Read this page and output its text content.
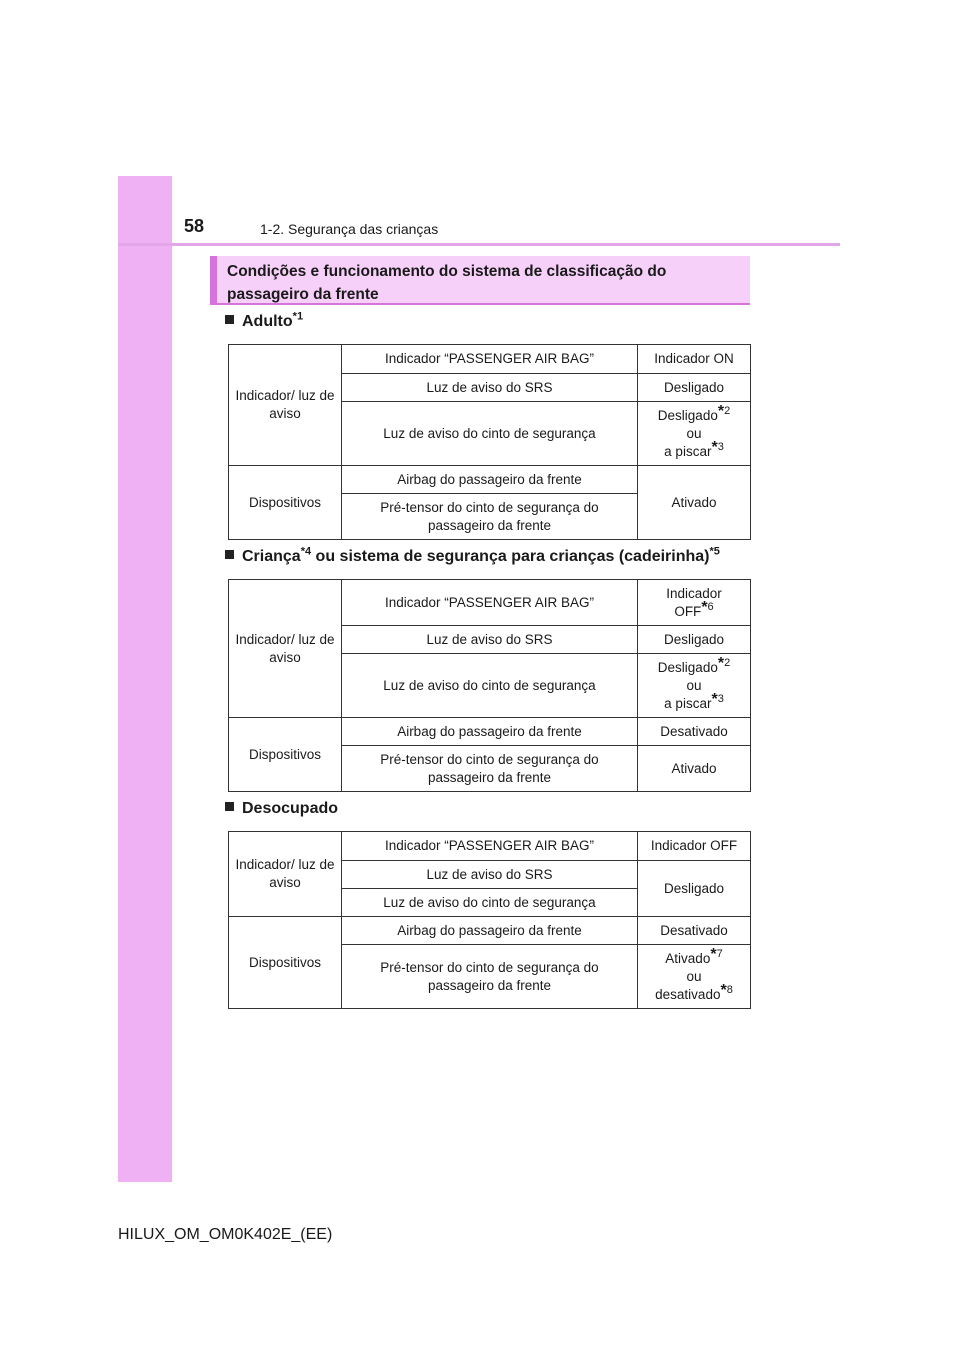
58	1-2. Segurança das crianças
Condições e funcionamento do sistema de classificação do passageiro da frente
Adulto$^{*1}$
Indicador/ luz de aviso	Indicador “PASSENGER AIR BAG”	Indicador ON
	Luz de aviso do SRS	Desligado
	Luz de aviso do cinto de segurança	Desligado$^{*2}$
ou
a piscar$^{*3}$
Dispositivos	Airbag do passageiro da frente	Ativado
	Pré-tensor do cinto de segurança do passageiro da frente	
Criança$^{*4}$ ou sistema de segurança para crianças (cadeirinha)$^{*5}$
Indicador/ luz de aviso	Indicador “PASSENGER AIR BAG”	Indicador
OFF$^{*6}$
	Luz de aviso do SRS	Desligado
	Luz de aviso do cinto de segurança	Desligado$^{*2}$
ou
a piscar$^{*3}$
Dispositivos	Airbag do passageiro da frente	Desativado
	Pré-tensor do cinto de segurança do passageiro da frente	Ativado
Desocupado
Indicador/ luz de aviso	Indicador “PASSENGER AIR BAG”	Indicador OFF
	Luz de aviso do SRS	Desligado
	Luz de aviso do cinto de segurança	
Dispositivos	Airbag do passageiro da frente	Desativado
	Pré-tensor do cinto de segurança do passageiro da frente	Ativado$^{*7}$
ou
desativado$^{*8}$
HILUX_OM_OM0K402E_(EE)
